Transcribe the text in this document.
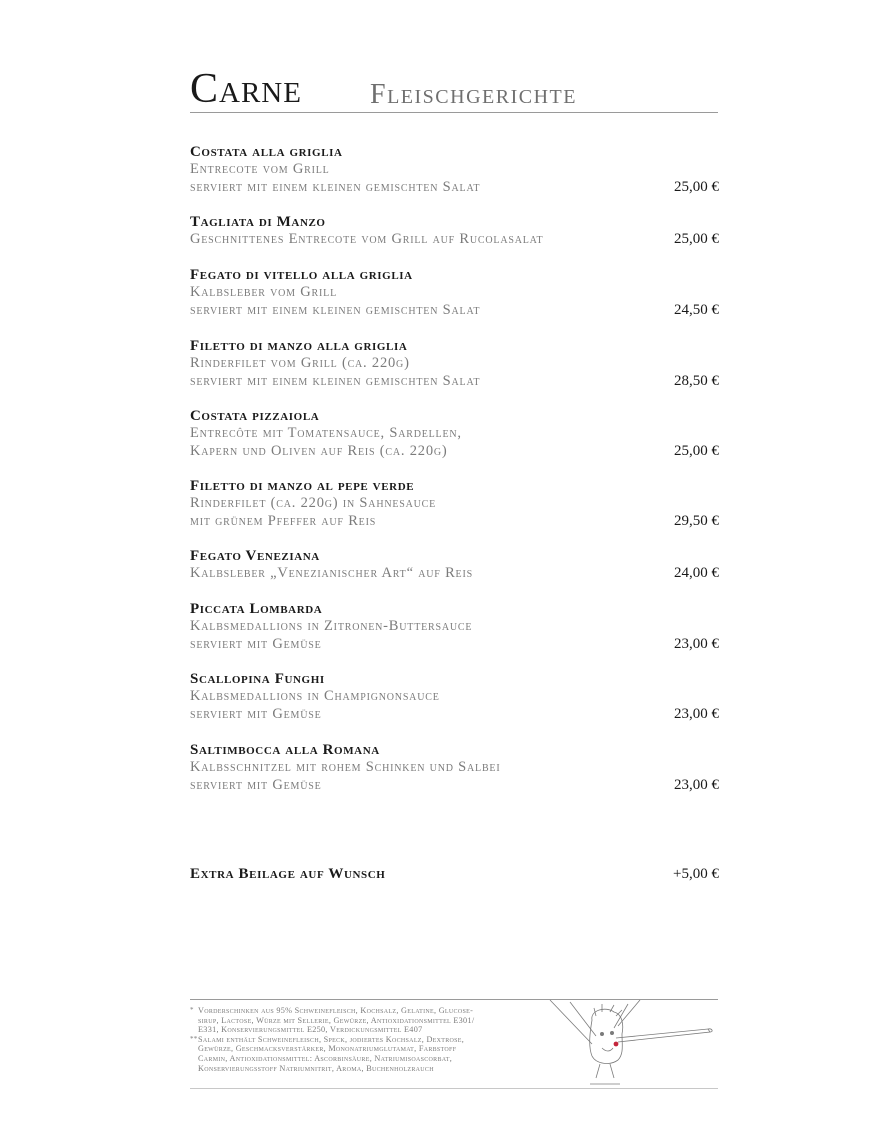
Carne Fleischgerichte
Costata alla griglia
Entrecote vom Grill
serviert mit einem kleinen gemischten Salat	25,00 €
Tagliata di Manzo
Geschnittenes Entrecote vom Grill auf Rucolasalat	25,00 €
Fegato di vitello alla griglia
Kalbsleber vom Grill
serviert mit einem kleinen gemischten Salat	24,50 €
Filetto di manzo alla griglia
Rinderfilet vom Grill (ca. 220g)
serviert mit einem kleinen gemischten Salat	28,50 €
Costata pizzaiola
Entrecôte mit Tomatensauce, Sardellen,
Kapern und Oliven auf Reis (ca. 220g)	25,00 €
Filetto di manzo al pepe verde
Rinderfilet (ca. 220g) in Sahnesauce
mit grünem Pfeffer auf Reis	29,50 €
Fegato Veneziana
Kalbsleber „Venezianischer Art“ auf Reis	24,00 €
Piccata Lombarda
Kalbsmedallions in Zitronen-Buttersauce
serviert mit Gemüse	23,00 €
Scallopina Funghi
Kalbsmedallions in Champignonsauce
serviert mit Gemüse	23,00 €
Saltimbocca alla Romana
Kalbsschnitzel mit rohem Schinken und Salbei
serviert mit Gemüse	23,00 €
Extra Beilage auf Wunsch	+5,00 €
* Vorderschinken aus 95% Schweinefleisch, Kochsalz, Gelatine, Glucose-
sirup, Lactose, Würze mit Sellerie, Gewürze, Antioxidationsmittel E301/
E331, Konservierungsmittel E250, Verdickungsmittel E407
** Salami enthält Schweinefleisch, Speck, jodiertes Kochsalz, Dextrose,
Gewürze, Geschmacksverstärker, Mononatriumglutamat, Farbstoff
Carmin, Antioxidationsmittel: Ascorbinsäure, Natriumisoascorbat,
Konservierungsstoff Natriumnitrit, Aroma, Buchenholzrauch
